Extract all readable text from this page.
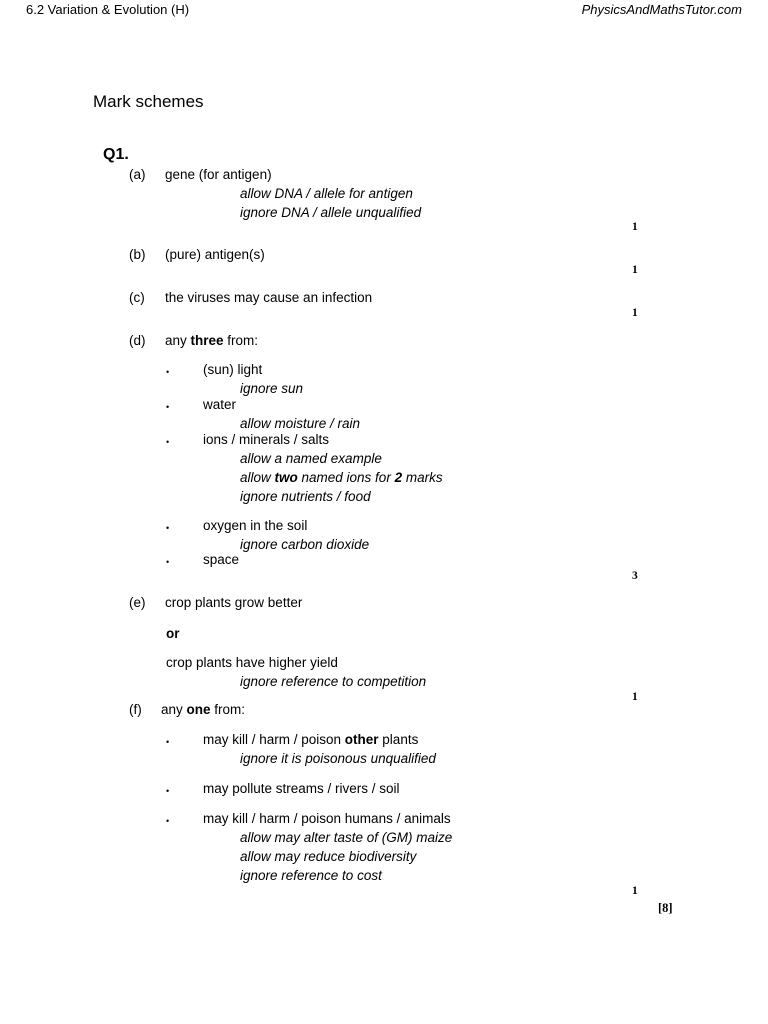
6.2 Variation & Evolution (H)	PhysicsAndMathsTutor.com
Mark schemes
Q1.
(a) gene (for antigen)
allow DNA / allele for antigen
ignore DNA / allele unqualified
1
(b) (pure) antigen(s)
1
(c) the viruses may cause an infection
1
(d) any three from:
•	(sun) light
ignore sun
•	water
allow moisture / rain
•	ions / minerals / salts
allow a named example
allow two named ions for 2 marks
ignore nutrients / food
•	oxygen in the soil
ignore carbon dioxide
•	space
3
(e) crop plants grow better
or
crop plants have higher yield
ignore reference to competition
1
(f) any one from:
•	may kill / harm / poison other plants
ignore it is poisonous unqualified
•	may pollute streams / rivers / soil
•	may kill / harm / poison humans / animals
allow may alter taste of (GM) maize
allow may reduce biodiversity
ignore reference to cost
1
[8]
